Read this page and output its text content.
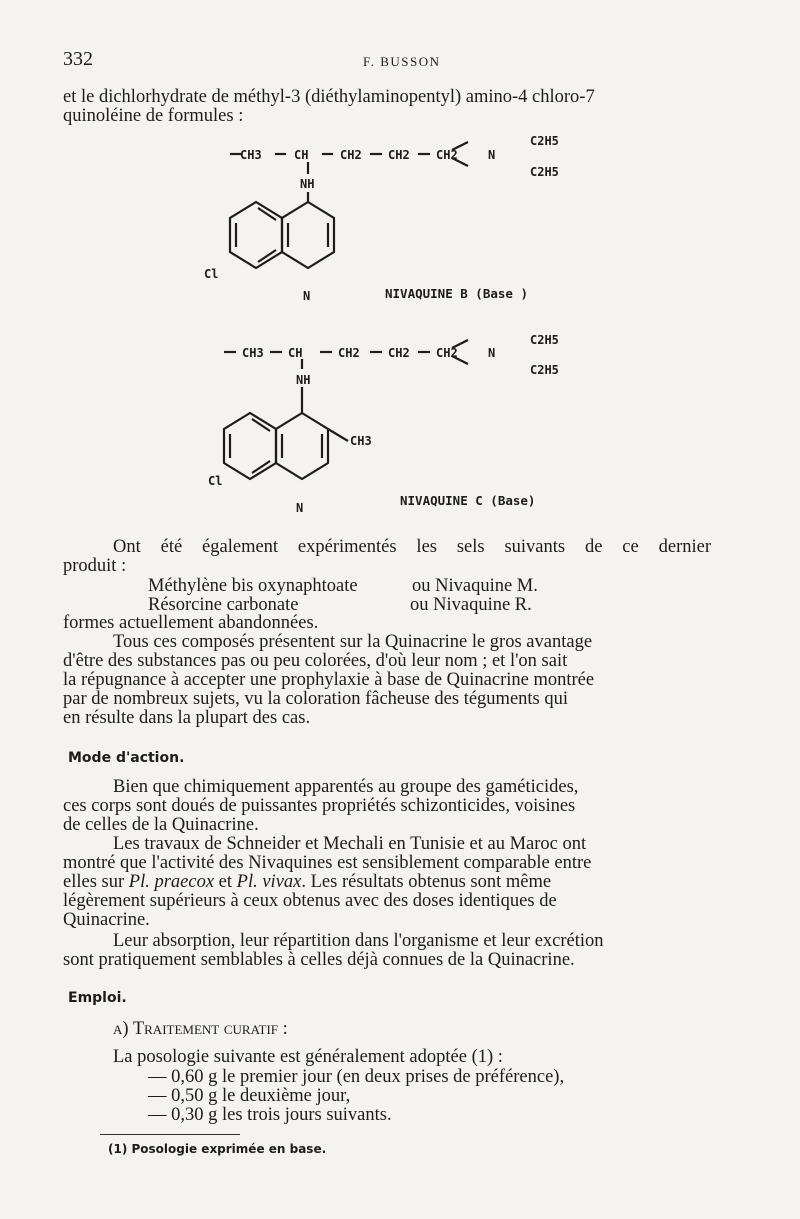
332	F. BUSSON
et le dichlorhydrate de méthyl-3 (diéthylaminopentyl) amino-4 chloro-7
quinoléine de formules :
CH3	CH	CH2 CH2 CH2	N
C2H5
C2H5
NH
N
Cl
NIVAQUINE B (Base )
CH3 CH	CH2 CH2 CH2	N
C2H5
C2H5
NH
N
Cl
CH3
NIVAQUINE C (Base)
Ont été également expérimentés les sels suivants de ce dernier
produit :
Méthylène bis oxynaphtoate	ou Nivaquine M.
Résorcine carbonate	ou Nivaquine R.
formes actuellement abandonnées.
Tous ces composés présentent sur la Quinacrine le gros avantage
d'être des substances pas ou peu colorées, d'où leur nom ; et l'on sait
la répugnance à accepter une prophylaxie à base de Quinacrine montrée
par de nombreux sujets, vu la coloration fâcheuse des téguments qui
en résulte dans la plupart des cas.
Mode d'action.
Bien que chimiquement apparentés au groupe des gaméticides,
ces corps sont doués de puissantes propriétés schizonticides, voisines
de celles de la Quinacrine.
Les travaux de Schneider et Mechali en Tunisie et au Maroc ont
montré que l'activité des Nivaquines est sensiblement comparable entre
elles sur Pl. praecox et Pl. vivax. Les résultats obtenus sont même
légèrement supérieurs à ceux obtenus avec des doses identiques de
Quinacrine.
Leur absorption, leur répartition dans l'organisme et leur excrétion
sont pratiquement semblables à celles déjà connues de la Quinacrine.
Emploi.
a) Traitement curatif :
La posologie suivante est généralement adoptée (1) :
— 0,60 g le premier jour (en deux prises de préférence),
— 0,50 g le deuxième jour,
— 0,30 g les trois jours suivants.
(1) Posologie exprimée en base.
